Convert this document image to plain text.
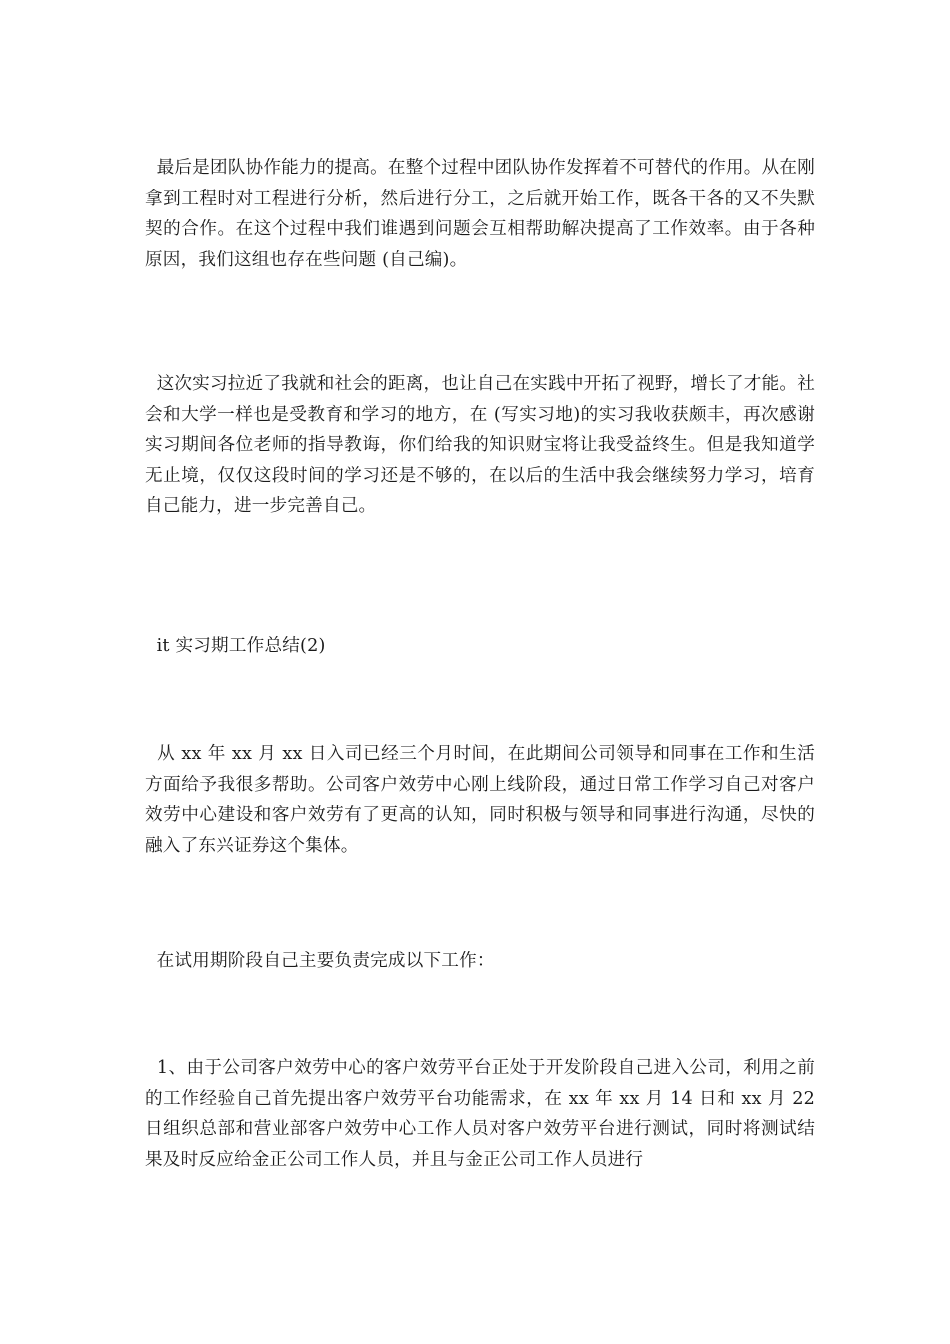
最后是团队协作能力的提高。在整个过程中团队协作发挥着不可替代的作用。从在刚拿到工程时对工程进行分析，然后进行分工，之后就开始工作，既各干各的又不失默契的合作。在这个过程中我们谁遇到问题会互相帮助解决提高了工作效率。由于各种原因，我们这组也存在些问题 (自己编)。

这次实习拉近了我就和社会的距离，也让自己在实践中开拓了视野，增长了才能。社会和大学一样也是受教育和学习的地方，在 (写实习地)的实习我收获颇丰，再次感谢实习期间各位老师的指导教诲，你们给我的知识财宝将让我受益终生。但是我知道学无止境，仅仅这段时间的学习还是不够的，在以后的生活中我会继续努力学习，培育自己能力，进一步完善自己。

it 实习期工作总结(2)

从 xx 年 xx 月 xx 日入司已经三个月时间，在此期间公司领导和同事在工作和生活方面给予我很多帮助。公司客户效劳中心刚上线阶段，通过日常工作学习自己对客户效劳中心建设和客户效劳有了更高的认知，同时积极与领导和同事进行沟通，尽快的融入了东兴证券这个集体。

在试用期阶段自己主要负责完成以下工作：

1、由于公司客户效劳中心的客户效劳平台正处于开发阶段自己进入公司，利用之前的工作经验自己首先提出客户效劳平台功能需求，在 xx 年 xx 月 14 日和 xx 月 22 日组织总部和营业部客户效劳中心工作人员对客户效劳平台进行测试，同时将测试结果及时反应给金正公司工作人员，并且与金正公司工作人员进行
